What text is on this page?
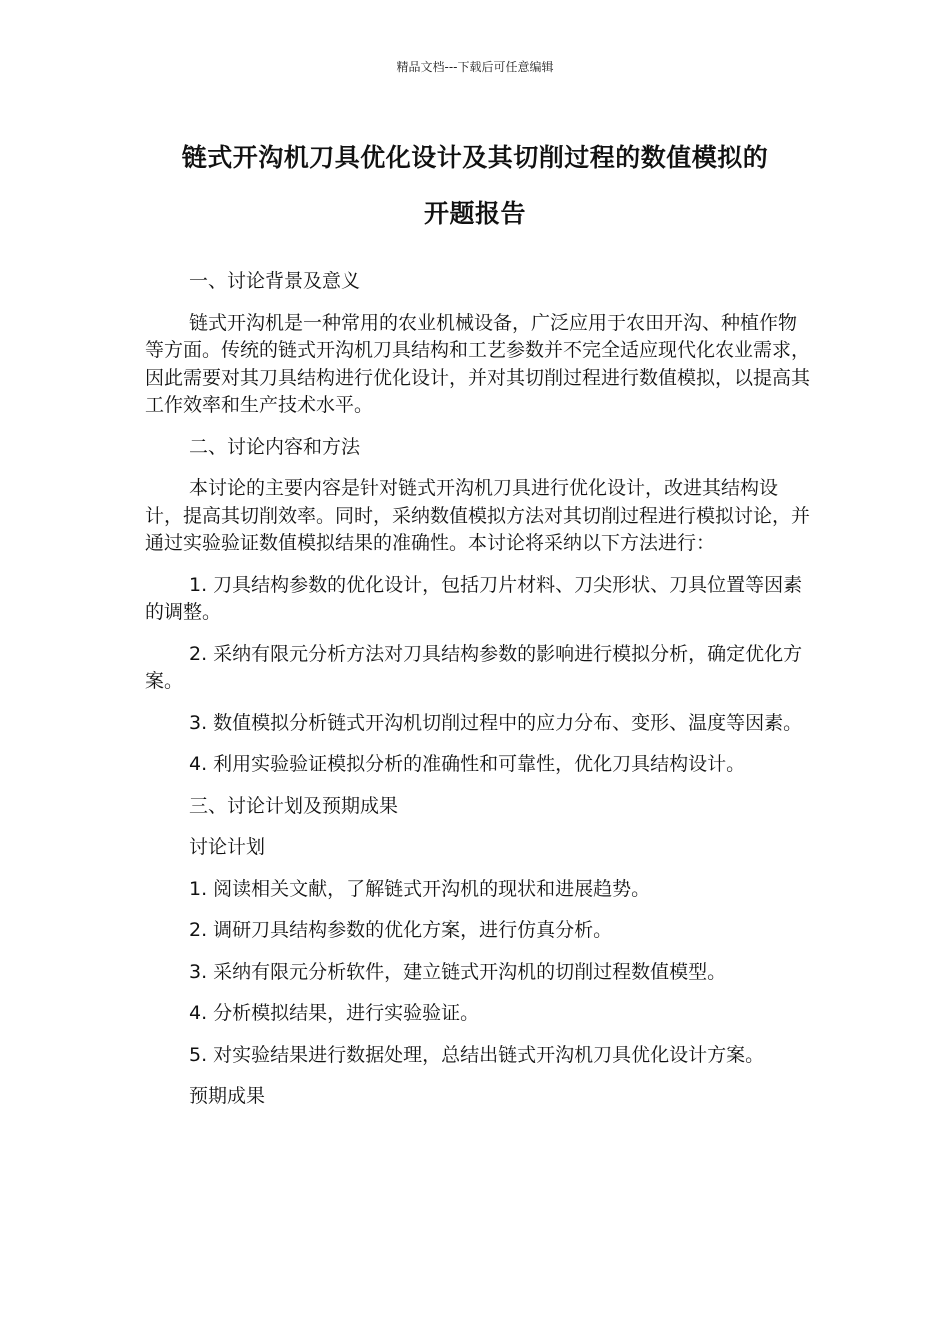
精品文档---下载后可任意编辑
链式开沟机刀具优化设计及其切削过程的数值模拟的
开题报告

一、讨论背景及意义

链式开沟机是一种常用的农业机械设备，广泛应用于农田开沟、种植作物等方面。传统的链式开沟机刀具结构和工艺参数并不完全适应现代化农业需求，因此需要对其刀具结构进行优化设计，并对其切削过程进行数值模拟，以提高其工作效率和生产技术水平。

二、讨论内容和方法

本讨论的主要内容是针对链式开沟机刀具进行优化设计，改进其结构设计，提高其切削效率。同时，采纳数值模拟方法对其切削过程进行模拟讨论，并通过实验验证数值模拟结果的准确性。本讨论将采纳以下方法进行：

1. 刀具结构参数的优化设计，包括刀片材料、刀尖形状、刀具位置等因素的调整。

2. 采纳有限元分析方法对刀具结构参数的影响进行模拟分析，确定优化方案。

3. 数值模拟分析链式开沟机切削过程中的应力分布、变形、温度等因素。

4. 利用实验验证模拟分析的准确性和可靠性，优化刀具结构设计。

三、讨论计划及预期成果

讨论计划

1. 阅读相关文献，了解链式开沟机的现状和进展趋势。

2. 调研刀具结构参数的优化方案，进行仿真分析。

3. 采纳有限元分析软件，建立链式开沟机的切削过程数值模型。

4. 分析模拟结果，进行实验验证。

5. 对实验结果进行数据处理，总结出链式开沟机刀具优化设计方案。

预期成果
